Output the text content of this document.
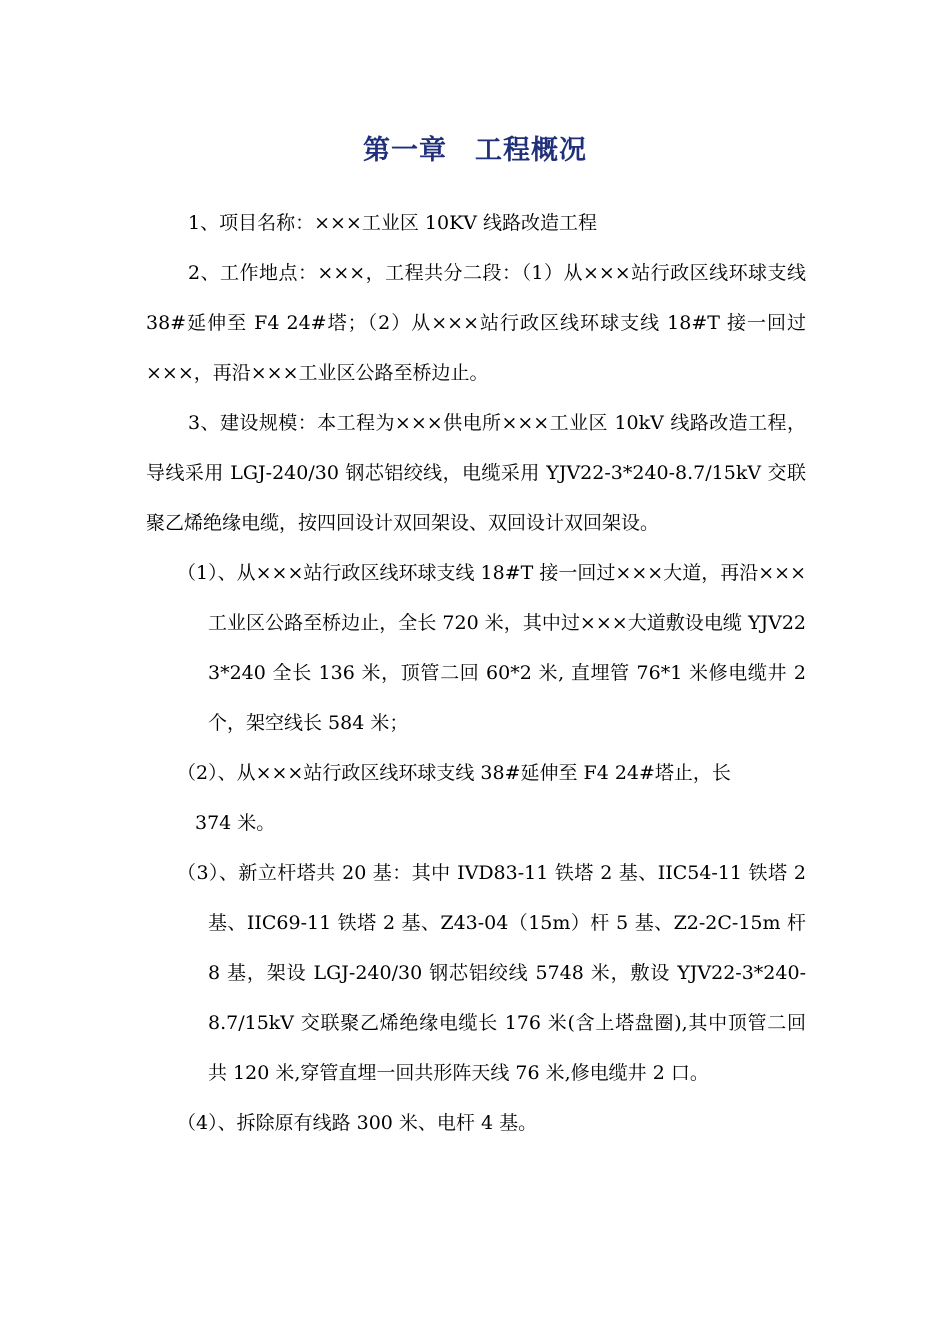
第一章 工程概况

1、项目名称：×××工业区 10KV 线路改造工程

2、工作地点：×××，工程共分二段：（1）从×××站行政区线环球支线 38#延伸至 F4 24#塔；（2）从×××站行政区线环球支线 18#T 接一回过×××，再沿×××工业区公路至桥边止。

3、建设规模：本工程为×××供电所×××工业区 10kV 线路改造工程，导线采用 LGJ-240/30 钢芯铝绞线，电缆采用 YJV22-3*240-8.7/15kV 交联聚乙烯绝缘电缆，按四回设计双回架设、双回设计双回架设。

（1）、从×××站行政区线环球支线 18#T 接一回过×××大道，再沿×××工业区公路至桥边止，全长 720 米，其中过×××大道敷设电缆 YJV22 3*240 全长 136 米，顶管二回 60*2 米, 直埋管 76*1 米修电缆井 2 个，架空线长 584 米；

（2）、从×××站行政区线环球支线 38#延伸至 F4 24#塔止，长

374 米。

（3）、新立杆塔共 20 基：其中 IVD83-11 铁塔 2 基、IIC54-11 铁塔 2 基、IIC69-11 铁塔 2 基、Z43-04（15m）杆 5 基、Z2-2C-15m 杆 8 基，架设 LGJ-240/30 钢芯铝绞线 5748 米，敷设 YJV22-3*240-8.7/15kV 交联聚乙烯绝缘电缆长 176 米(含上塔盘圈),其中顶管二回共 120 米,穿管直埋一回共形阵天线 76 米,修电缆井 2 口。

（4）、拆除原有线路 300 米、电杆 4 基。
